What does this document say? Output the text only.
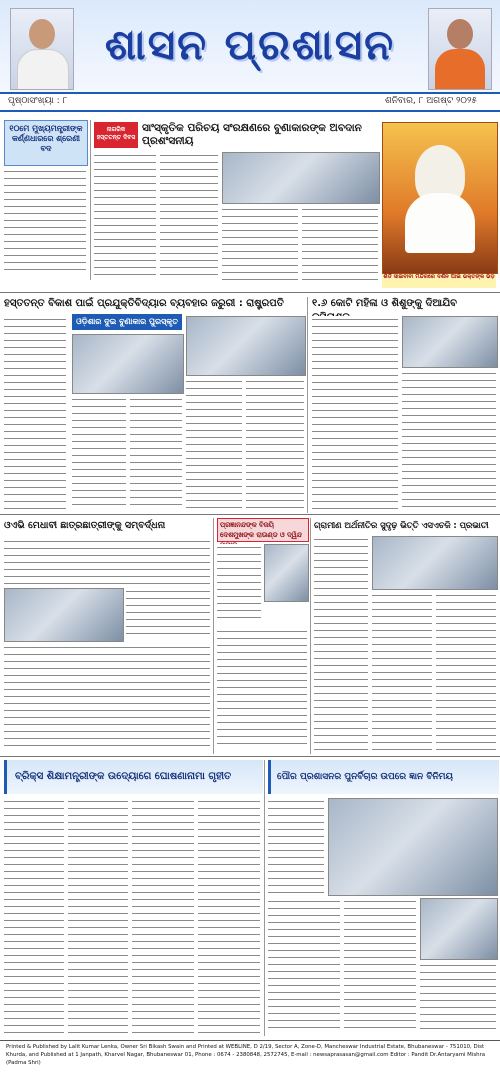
ଶାସନ ପ୍ରଶାସନ
ପୃଷ୍ଠାସଂଖ୍ୟା : ୮	ଶନିବାର, ୮ ଅଗଷ୍ଟ ୨୦୨୫
୧୦ମେ ମୁଖ୍ୟମନ୍ତ୍ରୀଙ୍କ କର୍ଣ୍ଣଧାରରେ ଶ୍ରେଣୀ ବଦ
ନାଗରିକ ହସ୍ତତନ୍ତ ଦିବସ
ସାଂସ୍କୃତିକ ପରିଚୟ ସଂରକ୍ଷଣରେ ବୁଣାକାରଙ୍କ ଅବଦାନ ପ୍ରଶଂସନୀୟ
ଶିର୍ଡି ସାଇବାବା ମନ୍ଦିରରେ ଦର୍ଶନ ପାଇଁ ଭକ୍ତଙ୍କ ଭିଡ଼
ହସ୍ତତନ୍ତ ବିକାଶ ପାଇଁ ପ୍ରଯୁକ୍ତିବିଦ୍ୟାର ବ୍ୟବହାର ଜରୁରୀ : ରାଷ୍ଟ୍ରପତି
ଓଡ଼ିଶାର ଦୁଇ ବୁଣାକାର ପୁରସ୍କୃତ
୧.୬ କୋଟି ମହିଳା ଓ ଶିଶୁଙ୍କୁ ଦିଆଯିବ
ଓଏଭି ମେଧାବୀ ଛାତ୍ରଛାତ୍ରୀଙ୍କୁ ସମ୍ବର୍ଦ୍ଧନା	ପ୍ରଜ୍ଞାନନ୍ଦଙ୍କ ବିଜୟି ଦେଶମୁଖଙ୍କ ରାଉଣ୍ଡ ଓ ଦ୍ୱିନ୍ଦ
ଗ୍ରାମୀଣ ଅର୍ଥନୀତିର ସୁଦୃଢ଼ ଭିତ୍ତି ଏସଏଚଜି : ପ୍ରଭାତୀ
ବ୍ରିକ୍ସ ଶିକ୍ଷାମନ୍ତ୍ରୀଙ୍କ ଉଦ୍ୟୋଗେ ଘୋଷଣାନାମା ଗୃହୀତ	ପୌର ପ୍ରଶାସନର ପୁନର୍ବିଚାର ଉପରେ ଜ୍ଞାନ ବିନିମୟ
Printed & Published by Lalit Kumar Lenka, Owner Sri Bikash Swain and Printed at WEBLINE, D 2/19, Sector A, Zone-D, Mancheswar Industrial Estate, Bhubaneswar - 751010, Dist Khurda, and Published at 1 Janpath, Kharvel Nagar, Bhubaneswar 01, Phone : 0674 - 2380848, 2572745, E-mail : newsaprasasan@gmail.com Editor : Pandit Dr.Antaryami Mishra (Padma Shri)
